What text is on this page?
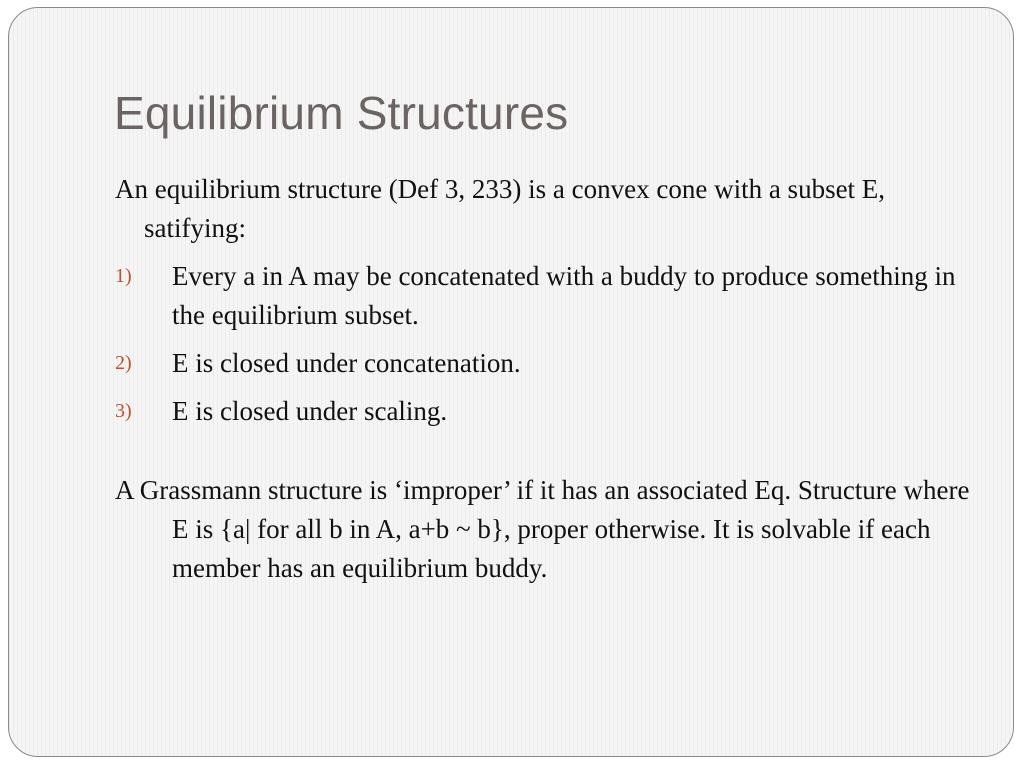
Equilibrium Structures

An equilibrium structure (Def 3, 233) is a convex cone with a subset E, satifying:

1) Every a in A may be concatenated with a buddy to produce something in the equilibrium subset.
2) E is closed under concatenation.
3) E is closed under scaling.

A Grassmann structure is ‘improper’ if it has an associated Eq. Structure where E is {a| for all b in A, a+b ~ b}, proper otherwise. It is solvable if each member has an equilibrium buddy.
